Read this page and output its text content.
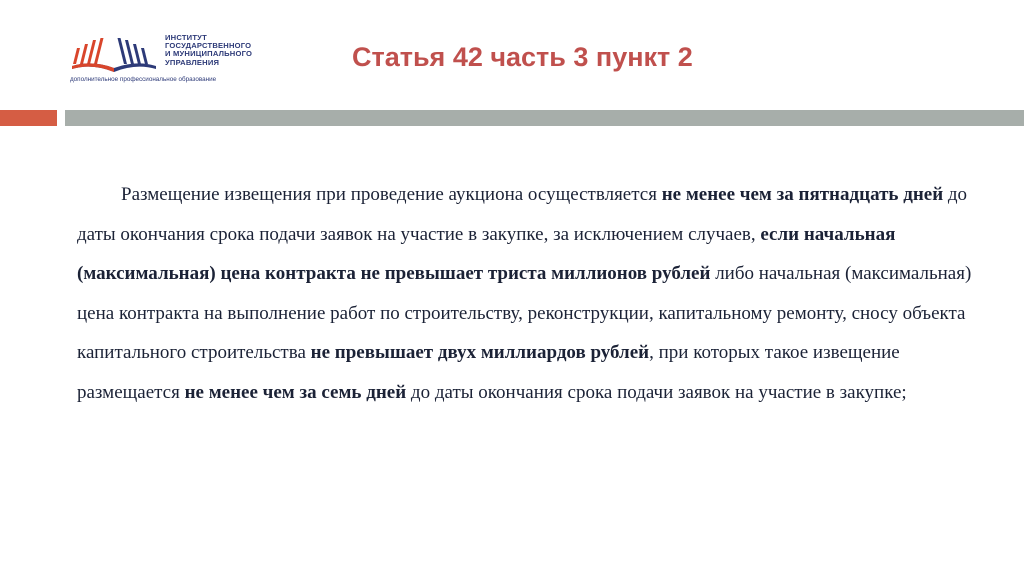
ИНСТИТУТ
ГОСУДАРСТВЕННОГО
И МУНИЦИПАЛЬНОГО
УПРАВЛЕНИЯ
дополнительное профессиональное образование
Статья 42 часть 3 пункт 2

Размещение извещения при проведение аукциона осуществляется не менее чем за пятнадцать дней до даты окончания срока подачи заявок на участие в закупке, за исключением случаев, если начальная (максимальная) цена контракта не превышает триста миллионов рублей либо начальная (максимальная) цена контракта на выполнение работ по строительству, реконструкции, капитальному ремонту, сносу объекта капитального строительства не превышает двух миллиардов рублей, при которых такое извещение размещается не менее чем за семь дней до даты окончания срока подачи заявок на участие в закупке;
